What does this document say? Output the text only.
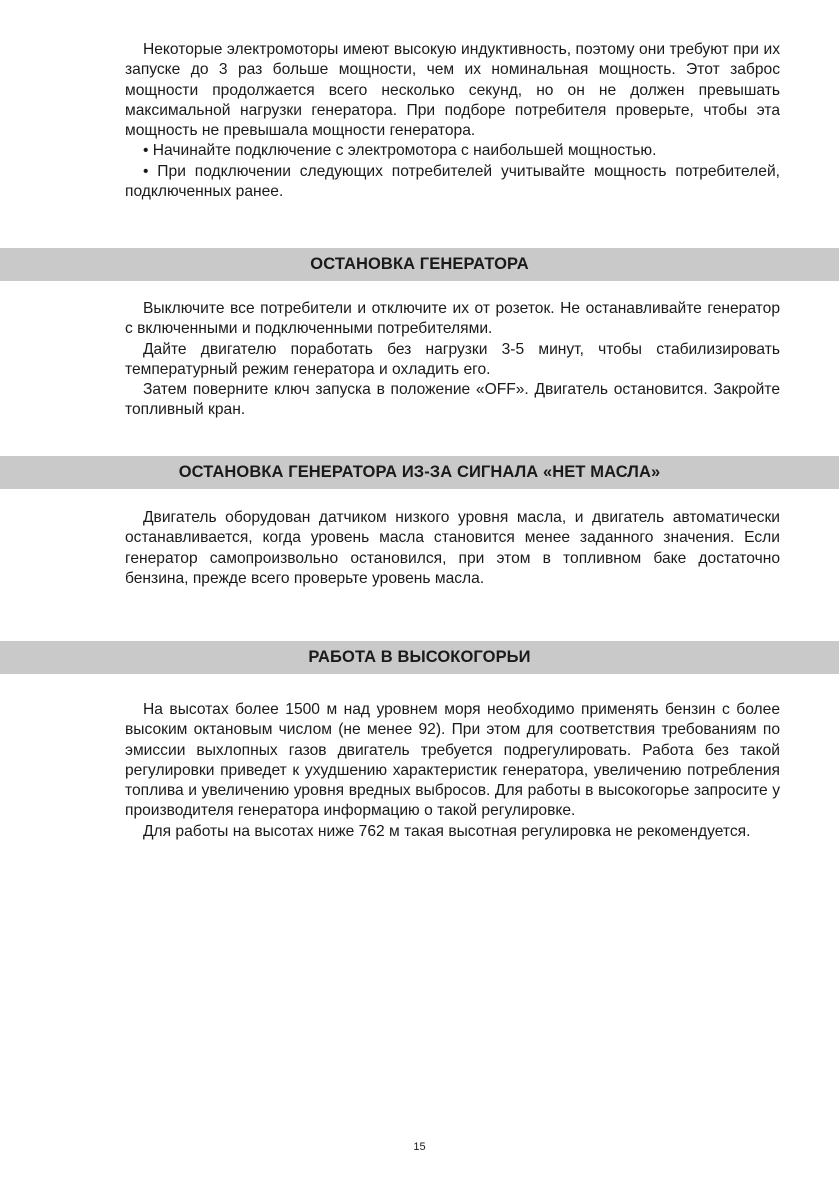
Некоторые электромоторы имеют высокую индуктивность, поэтому они требуют при их запуске до 3 раз больше мощности, чем их номинальная мощность. Этот заброс мощности продолжается всего несколько секунд, но он не должен превышать максимальной нагрузки генератора. При подборе потребителя проверьте, чтобы эта мощность не превышала мощности генератора.

• Начинайте подключение с электромотора с наибольшей мощностью.

• При подключении следующих потребителей учитывайте мощность потребителей, подключенных ранее.

ОСТАНОВКА ГЕНЕРАТОРА

Выключите все потребители и отключите их от розеток. Не останавливайте генератор с включенными и подключенными потребителями.

Дайте двигателю поработать без нагрузки 3-5 минут, чтобы стабилизировать температурный режим генератора и охладить его.

Затем поверните ключ запуска в положение «OFF». Двигатель остановится. Закройте топливный кран.

ОСТАНОВКА ГЕНЕРАТОРА ИЗ-ЗА СИГНАЛА «НЕТ МАСЛА»

Двигатель оборудован датчиком низкого уровня масла, и двигатель автоматически останавливается, когда уровень масла становится менее заданного значения. Если генератор самопроизвольно остановился, при этом в топливном баке достаточно бензина, прежде всего проверьте уровень масла.

РАБОТА В ВЫСОКОГОРЬИ

На высотах более 1500 м над уровнем моря необходимо применять бензин с более высоким октановым числом (не менее 92). При этом для соответствия требованиям по эмиссии выхлопных газов двигатель требуется подрегулировать. Работа без такой регулировки приведет к ухудшению характеристик генератора, увеличению потребления топлива и увеличению уровня вредных выбросов. Для работы в высокогорье запросите у производителя генератора информацию о такой регулировке.

Для работы на высотах ниже 762 м такая высотная регулировка не рекомендуется.

15
